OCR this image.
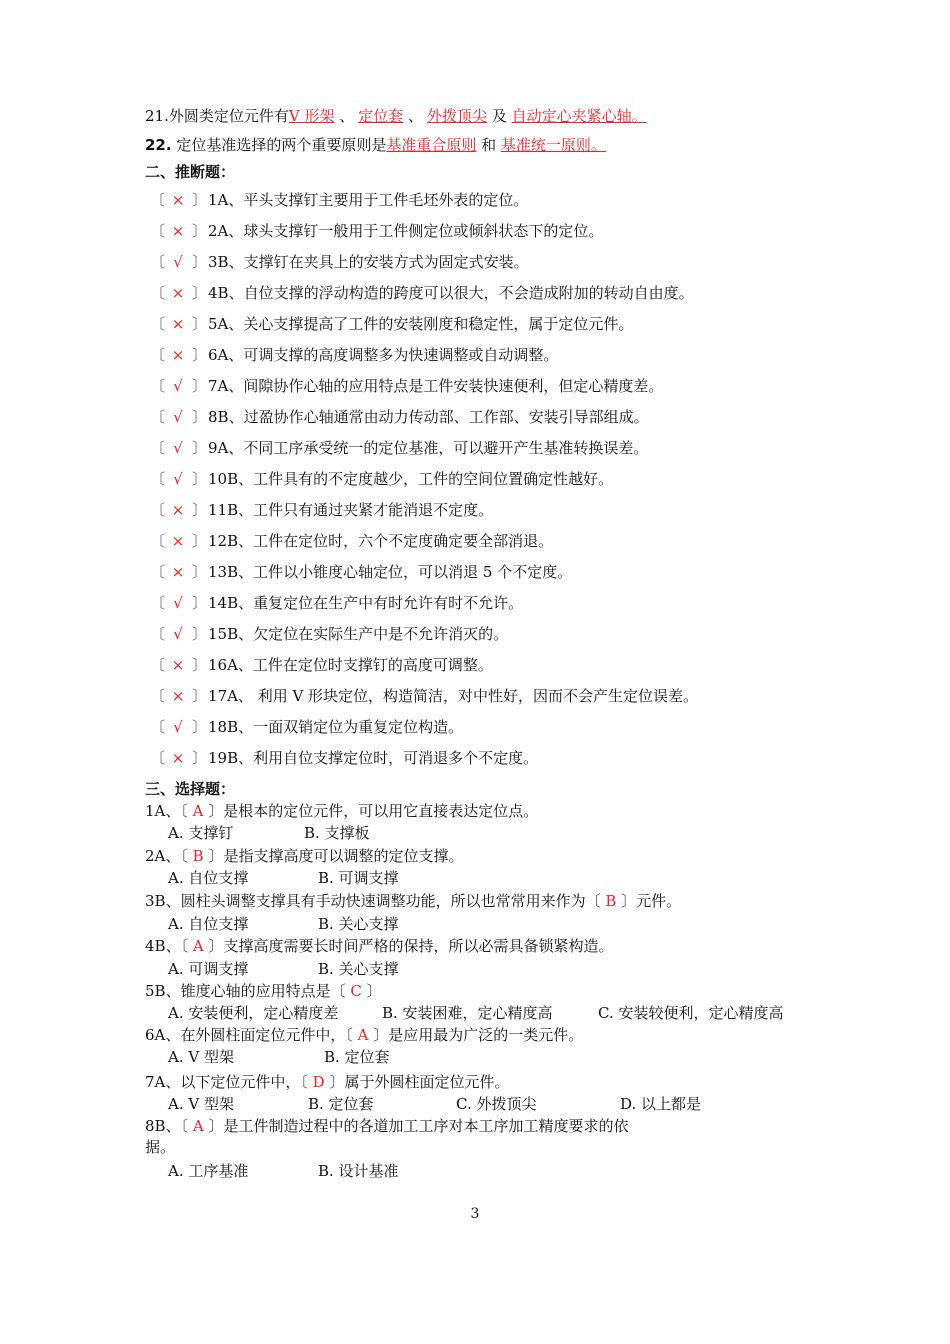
21.外圆类定位元件有V 形架 、 定位套 、 外拨顶尖 及 自动定心夹紧心轴。
22. 定位基准选择的两个重要原则是基准重合原则 和 基准统一原则。
二、推断题：
〔 × 〕1A、平头支撑钉主要用于工件毛坯外表的定位。
〔 × 〕2A、球头支撑钉一般用于工件侧定位或倾斜状态下的定位。
〔 √ 〕3B、支撑钉在夹具上的安装方式为固定式安装。
〔 × 〕4B、自位支撑的浮动构造的跨度可以很大，不会造成附加的转动自由度。
〔 × 〕5A、关心支撑提高了工件的安装刚度和稳定性，属于定位元件。
〔 × 〕6A、可调支撑的高度调整多为快速调整或自动调整。
〔 √ 〕7A、间隙协作心轴的应用特点是工件安装快速便利，但定心精度差。
〔 √ 〕8B、过盈协作心轴通常由动力传动部、工作部、安装引导部组成。
〔 √ 〕9A、不同工序承受统一的定位基准，可以避开产生基准转换误差。
〔 √ 〕10B、工件具有的不定度越少，工件的空间位置确定性越好。
〔 × 〕11B、工件只有通过夹紧才能消退不定度。
〔 × 〕12B、工件在定位时，六个不定度确定要全部消退。
〔 × 〕13B、工件以小锥度心轴定位，可以消退 5 个不定度。
〔 √ 〕14B、重复定位在生产中有时允许有时不允许。
〔 √ 〕15B、欠定位在实际生产中是不允许消灭的。
〔 × 〕16A、工件在定位时支撑钉的高度可调整。
〔 × 〕17A、 利用 V 形块定位，构造简洁，对中性好，因而不会产生定位误差。
〔 √ 〕18B、一面双销定位为重复定位构造。
〔 × 〕19B、利用自位支撑定位时，可消退多个不定度。
三、选择题：
1A、〔 A 〕是根本的定位元件，可以用它直接表达定位点。
A. 支撑钉	B. 支撑板
2A、〔 B 〕是指支撑高度可以调整的定位支撑。
A. 自位支撑	B. 可调支撑
3B、圆柱头调整支撑具有手动快速调整功能，所以也常常用来作为〔 B 〕元件。
A. 自位支撑	B. 关心支撑
4B、〔 A 〕支撑高度需要长时间严格的保持，所以必需具备锁紧构造。
A. 可调支撑	B. 关心支撑
5B、锥度心轴的应用特点是〔 C 〕
A. 安装便利，定心精度差	B. 安装困难，定心精度高	C. 安装较便利，定心精度高
6A、在外圆柱面定位元件中，〔 A 〕是应用最为广泛的一类元件。
A. V 型架	B. 定位套
7A、以下定位元件中，〔 D 〕属于外圆柱面定位元件。
A. V 型架	B. 定位套	C. 外拨顶尖	D. 以上都是
8B、〔 A 〕是工件制造过程中的各道加工工序对本工序加工精度要求的依
据。
A. 工序基准	B. 设计基准
3
